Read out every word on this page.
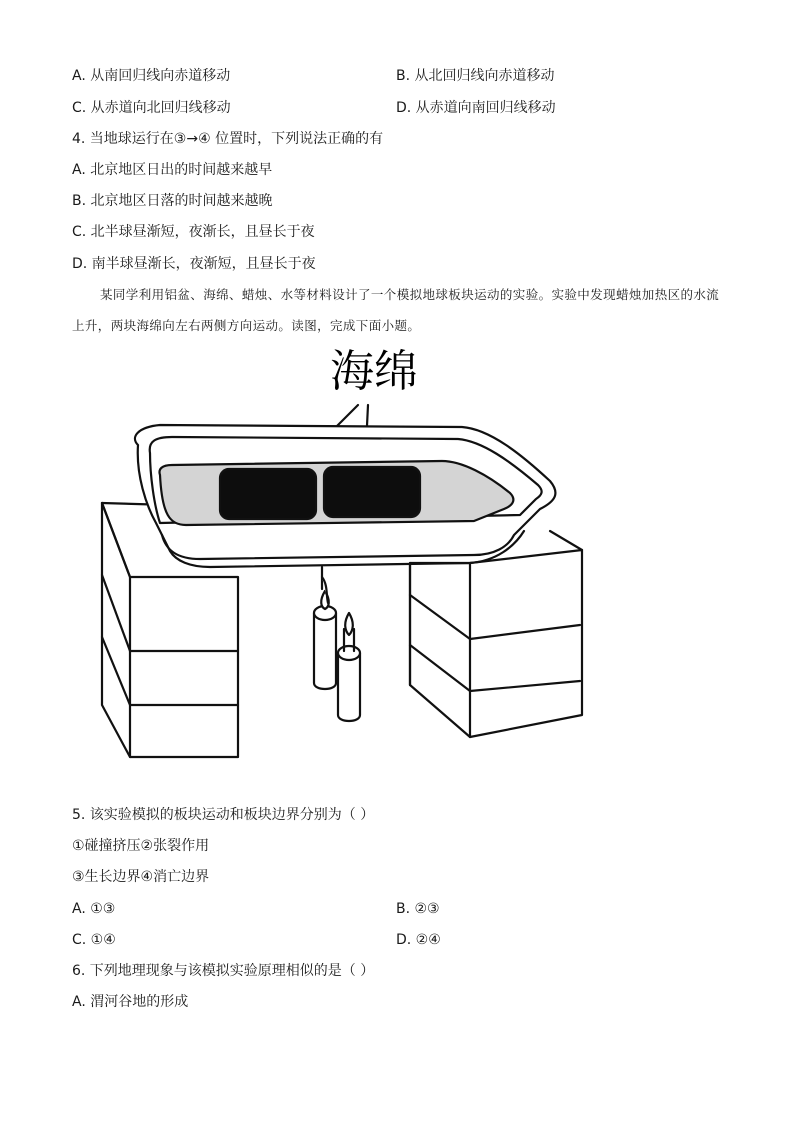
A. 从南回归线向赤道移动	B. 从北回归线向赤道移动
C. 从赤道向北回归线移动	D. 从赤道向南回归线移动
4. 当地球运行在③→④ 位置时，下列说法正确的有
A. 北京地区日出的时间越来越早
B. 北京地区日落的时间越来越晚
C. 北半球昼渐短，夜渐长，且昼长于夜
D. 南半球昼渐长，夜渐短，且昼长于夜
某同学利用铝盆、海绵、蜡烛、水等材料设计了一个模拟地球板块运动的实验。实验中发现蜡烛加热区的水流上升，两块海绵向左右两侧方向运动。读图，完成下面小题。
海绵
5. 该实验模拟的板块运动和板块边界分别为（ ）
①碰撞挤压②张裂作用
③生长边界④消亡边界
A. ①③	B. ②③
C. ①④	D. ②④
6. 下列地理现象与该模拟实验原理相似的是（ ）
A. 渭河谷地的形成
